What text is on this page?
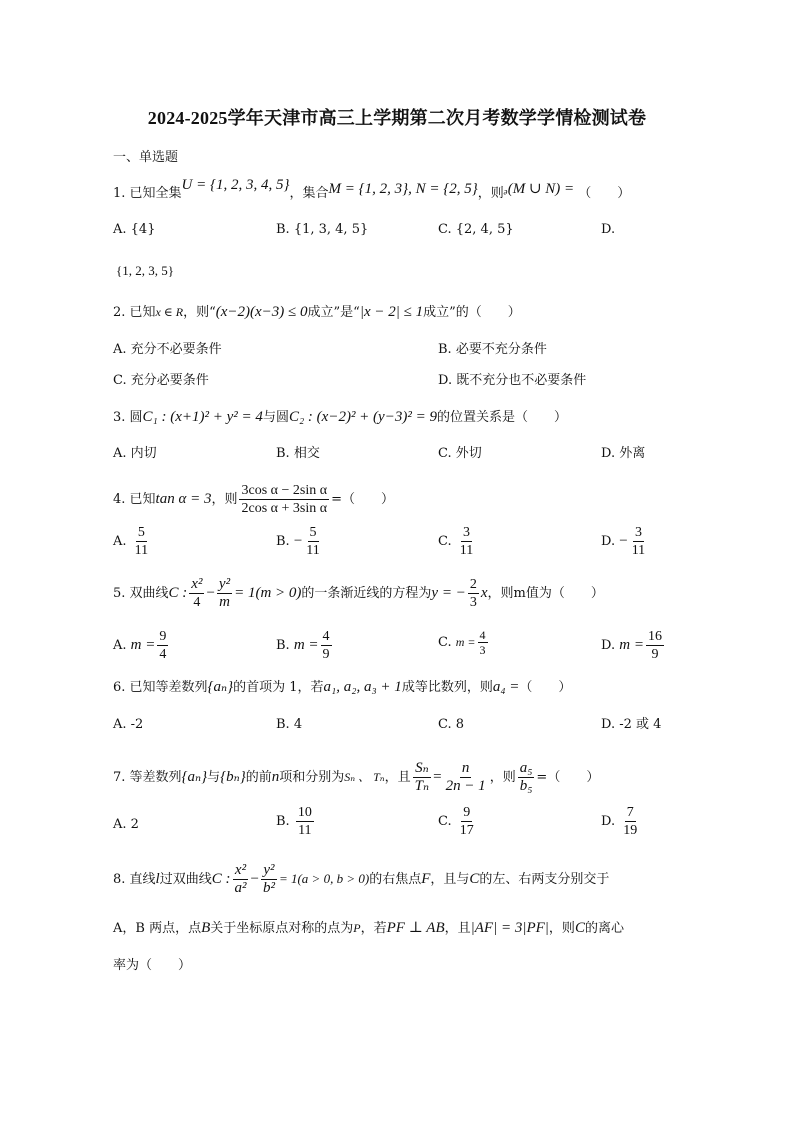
2024-2025学年天津市高三上学期第二次月考数学学情检测试卷
一、单选题
1. 已知全集U = {1, 2, 3, 4, 5}，集合M = {1, 2, 3}, N = {2, 5}，则ₔ(M ∪ N) = （　　）
A. {4}	B. {1, 3, 4, 5}	C. {2, 4, 5}	D.
{1, 2, 3, 5}
2. 已知x ∈ R，则“(x−2)(x−3) ≤ 0成立”是“|x − 2| ≤ 1成立”的（　　）
A. 充分不必要条件	B. 必要不充分条件
C. 充分必要条件	D. 既不充分也不必要条件
3. 圆C₁ : (x+1)² + y² = 4与圆C₂ : (x−2)² + (y−3)² = 9的位置关系是（　　）
A. 内切	B. 相交	C. 外切	D. 外离
4. 已知tan α = 3，则 $\frac{\text{3cos α − 2sin α}}{\text{2cos α + 3sin α}}$ =（　　）
A. $\frac{5}{11}$	B. − $\frac{5}{11}$	C. $\frac{3}{11}$	D. − $\frac{3}{11}$
5. 双曲线C : $\frac{\text{x²}}{4} - \frac{\text{y²}}{m} = 1(m > 0)$的一条渐近线的方程为y = − $\frac{2}{3}$ x，则m值为（　　）
A. $m = \frac{9}{4}$	B. $m = \frac{4}{9}$	C. $m = \frac{4}{3}$	D. $m = \frac{16}{9}$
6. 已知等差数列{aₙ}的首项为 1，若a₁, a₂, a₃ + 1成等比数列，则a₄ =（　　）
A. -2	B. 4	C. 8	D. -2 或 4
7. 等差数列{aₙ}与{bₙ}的前n项和分别为Sₙ 、 Tₙ，且 $\frac{\text{Sₙ}}{\text{Tₙ}} = \frac{n}{2n - 1}$ ，则 $\frac{\text{a₅}}{\text{b₅}}$ =（　　）
A. 2	B. $\frac{10}{11}$	C. $\frac{9}{17}$	D. $\frac{7}{19}$
8. 直线l过双曲线C : $\frac{\text{x²}}{\text{a²}} - \frac{\text{y²}}{\text{b²}} = 1(a > 0$, b > 0)的右焦点F，且与C的左、右两支分别交于
A，B 两点，点B关于坐标原点对称的点为P，若PF ⊥ AB，且|AF| = 3|PF|，则C的离心
率为（　　）
